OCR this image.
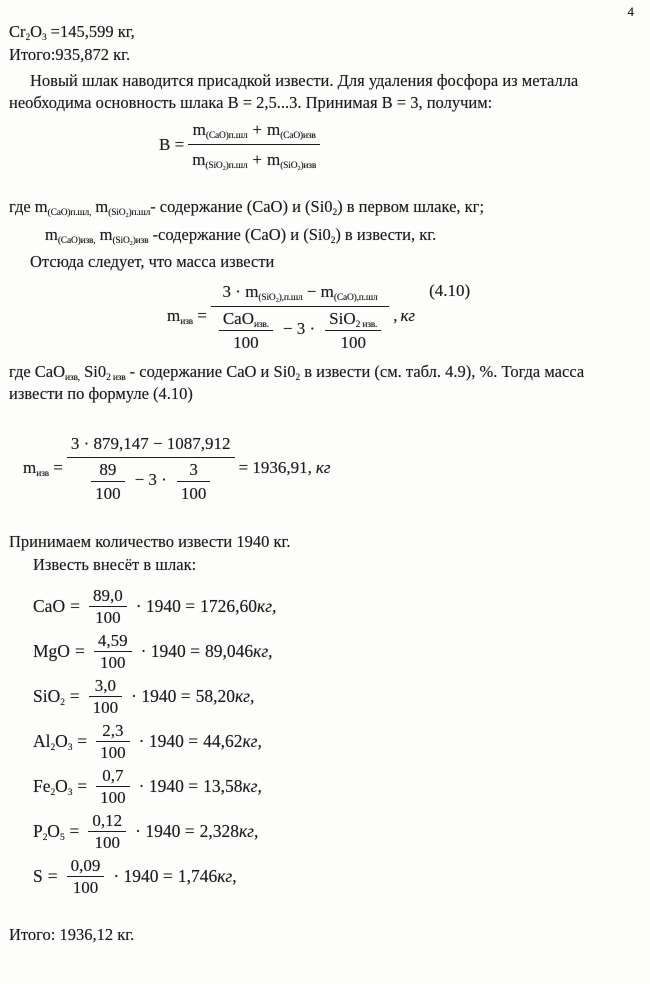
4

$Cr_2O_3 =145,599$ кг,

Итого:935,872 кг.

Новый шлак наводится присадкой извести. Для удаления фосфора из металла необходима основность шлака В = 2,5...3. Принимая В = 3, получим:

$B = \frac{m_{(CаO)п.шл} + m_{(CаO)изв}}{m_{(SiO_2)п.шл} + m_{(SiO_2)изв}}$

где $m_{(CaO)п.шл,}$ $m_{(SiO_2)п.шл}-$ содержание (CaO) и $(Si0_2)$ в первом шлаке, кг;

$m_{(CaO)изв,}$ $m_{(SiO_2)изв}$ -содержание (CaO) и $(Si0_2)$ в извести, кг.

Отсюда следует, что масса извести

$m_{изв} = \frac{3 \cdot m_{(SiO_2),п.шл} - m_{(CаO),п.шл}}{\frac{CaO_{изв.}}{100} - 3 \cdot \frac{SiO_{2 изв.}}{100}}$ , кг
(4.10)

где CaO$_{изв,}$ $Si0_{2 изв}$ - содержание CaO и $Si0_2$ в извести (см. табл. 4.9), %. Тогда масса
извести по формуле (4.10)

$m_{изв} = \frac{3 \cdot 879,147 - 1087,912}{\frac{89}{100} - 3 \cdot \frac{3}{100}} = 1936,91$, кг

Принимаем количество извести 1940 кг.

Известь внесёт в шлак:

CaO = $\frac{89,0}{100} \cdot 1940 = 1726,60$ кг,
MgO = $\frac{4,59}{100} \cdot 1940 = 89,046$ кг,
$SiO_2 = \frac{3,0}{100} \cdot 1940 = 58,20$ кг,
$Al_2O_3 = \frac{2,3}{100} \cdot 1940 = 44,62$ кг,
$Fe_2O_3 = \frac{0,7}{100} \cdot 1940 = 13,58$ кг,
$P_2O_5 = \frac{0,12}{100} \cdot 1940 = 2,328$ кг,
$S = \frac{0,09}{100} \cdot 1940 = 1,746$ кг,

Итого: 1936,12 кг.
